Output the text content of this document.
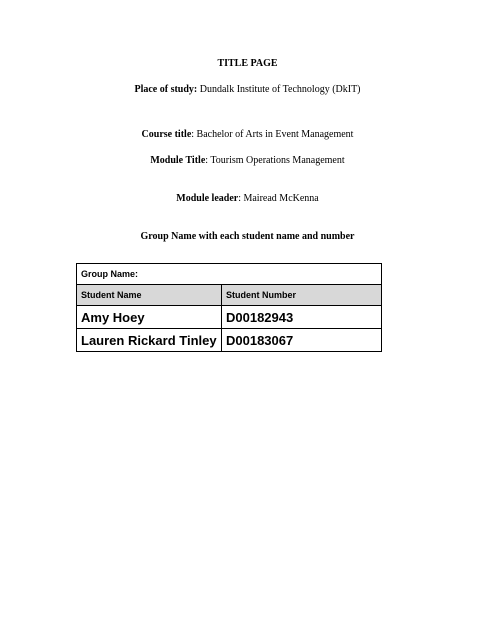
TITLE PAGE
Place of study: Dundalk Institute of Technology (DkIT)
Course title: Bachelor of Arts in Event Management
Module Title: Tourism Operations Management
Module leader: Mairead McKenna
Group Name with each student name and number
Group Name:	
Student Name	Student Number
Amy Hoey	D00182943
Lauren Rickard Tinley	D00183067
